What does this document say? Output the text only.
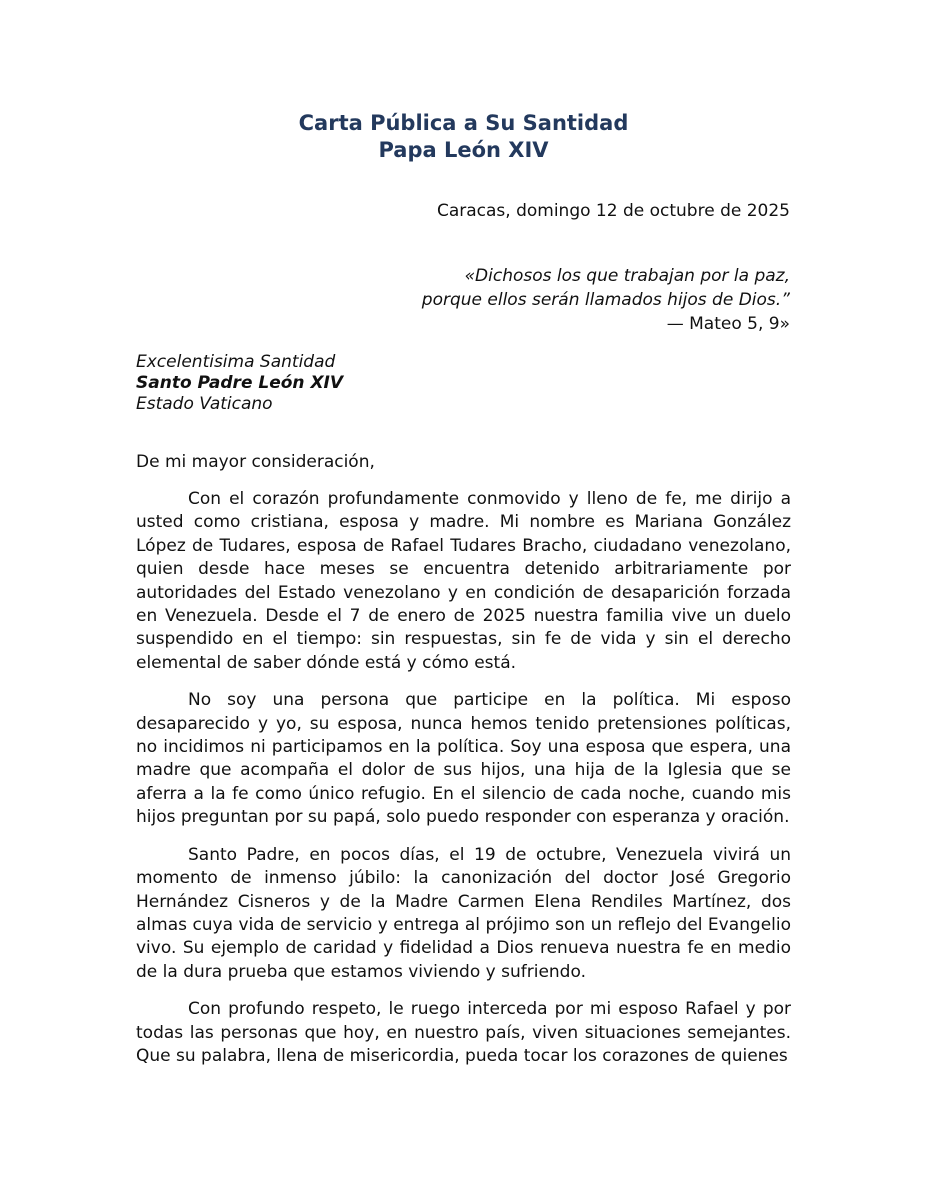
Carta Pública a Su Santidad
Papa León XIV
Caracas, domingo 12 de octubre de 2025
«Dichosos los que trabajan por la paz,
porque ellos serán llamados hijos de Dios.”
— Mateo 5, 9»
Excelentisima Santidad
Santo Padre León XIV
Estado Vaticano
De mi mayor consideración,

Con el corazón profundamente conmovido y lleno de fe, me dirijo a usted como cristiana, esposa y madre. Mi nombre es Mariana González López de Tudares, esposa de Rafael Tudares Bracho, ciudadano venezolano, quien desde hace meses se encuentra detenido arbitrariamente por autoridades del Estado venezolano y en condición de desaparición forzada en Venezuela. Desde el 7 de enero de 2025 nuestra familia vive un duelo suspendido en el tiempo: sin respuestas, sin fe de vida y sin el derecho elemental de saber dónde está y cómo está.

No soy una persona que participe en la política. Mi esposo desaparecido y yo, su esposa, nunca hemos tenido pretensiones políticas, no incidimos ni participamos en la política. Soy una esposa que espera, una madre que acompaña el dolor de sus hijos, una hija de la Iglesia que se aferra a la fe como único refugio. En el silencio de cada noche, cuando mis hijos preguntan por su papá, solo puedo responder con esperanza y oración.

Santo Padre, en pocos días, el 19 de octubre, Venezuela vivirá un momento de inmenso júbilo: la canonización del doctor José Gregorio Hernández Cisneros y de la Madre Carmen Elena Rendiles Martínez, dos almas cuya vida de servicio y entrega al prójimo son un reflejo del Evangelio vivo. Su ejemplo de caridad y fidelidad a Dios renueva nuestra fe en medio de la dura prueba que estamos viviendo y sufriendo.

Con profundo respeto, le ruego interceda por mi esposo Rafael y por todas las personas que hoy, en nuestro país, viven situaciones semejantes. Que su palabra, llena de misericordia, pueda tocar los corazones de quienes
